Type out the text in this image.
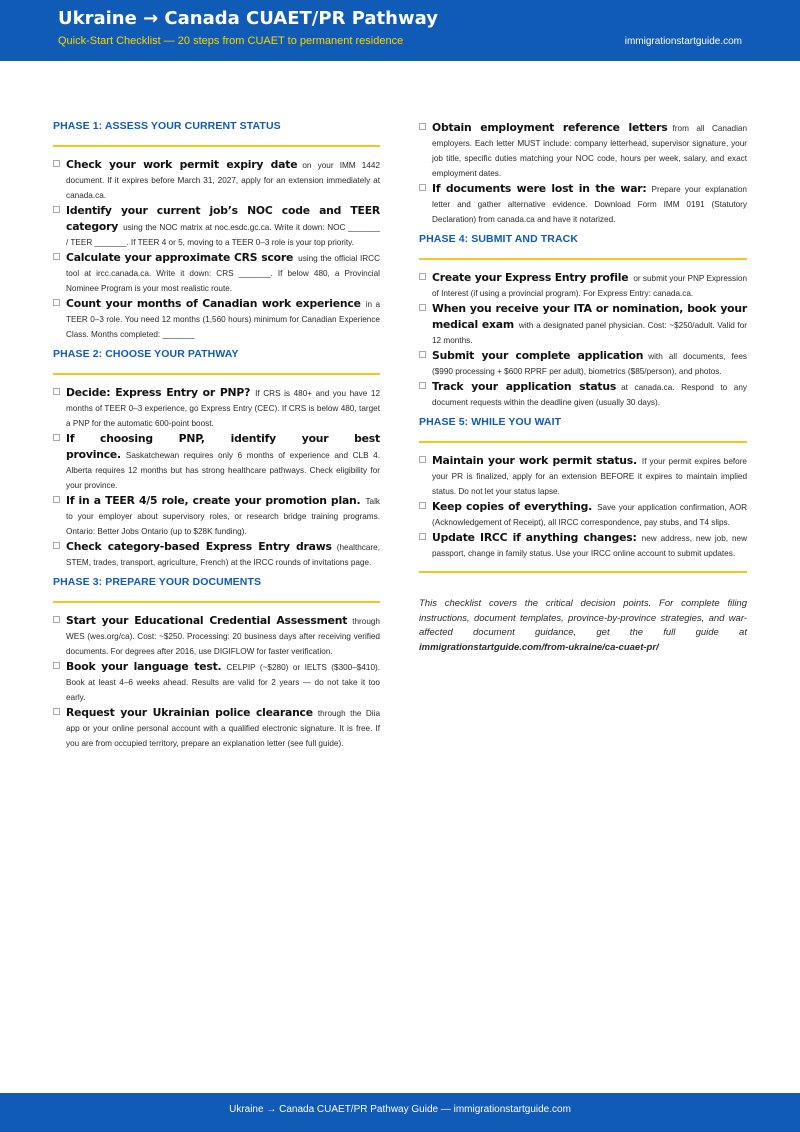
Ukraine → Canada CUAET/PR Pathway
Quick-Start Checklist — 20 steps from CUAET to permanent residence	immigrationstartguide.com
PHASE 1: ASSESS YOUR CURRENT STATUS
Check your work permit expiry date on your IMM 1442 document. If it expires before March 31, 2027, apply for an extension immediately at canada.ca.
Identify your current job’s NOC code and TEER category using the NOC matrix at noc.esdc.gc.ca. Write it down: NOC _______ / TEER _______. If TEER 4 or 5, moving to a TEER 0–3 role is your top priority.
Calculate your approximate CRS score using the official IRCC tool at ircc.canada.ca. Write it down: CRS _______. If below 480, a Provincial Nominee Program is your most realistic route.
Count your months of Canadian work experience in a TEER 0–3 role. You need 12 months (1,560 hours) minimum for Canadian Experience Class. Months completed: _______
PHASE 2: CHOOSE YOUR PATHWAY
Decide: Express Entry or PNP? If CRS is 480+ and you have 12 months of TEER 0–3 experience, go Express Entry (CEC). If CRS is below 480, target a PNP for the automatic 600-point boost.
If choosing PNP, identify your best province. Saskatchewan requires only 6 months of experience and CLB 4. Alberta requires 12 months but has strong healthcare pathways. Check eligibility for your province.
If in a TEER 4/5 role, create your promotion plan. Talk to your employer about supervisory roles, or research bridge training programs. Ontario: Better Jobs Ontario (up to $28K funding).
Check category-based Express Entry draws (healthcare, STEM, trades, transport, agriculture, French) at the IRCC rounds of invitations page.
PHASE 3: PREPARE YOUR DOCUMENTS
Start your Educational Credential Assessment through WES (wes.org/ca). Cost: ~$250. Processing: 20 business days after receiving verified documents. For degrees after 2016, use DIGIFLOW for faster verification.
Book your language test. CELPIP (~$280) or IELTS ($300–$410). Book at least 4–6 weeks ahead. Results are valid for 2 years — do not take it too early.
Request your Ukrainian police clearance through the Diia app or your online personal account with a qualified electronic signature. It is free. If you are from occupied territory, prepare an explanation letter (see full guide).
Obtain employment reference letters from all Canadian employers. Each letter MUST include: company letterhead, supervisor signature, your job title, specific duties matching your NOC code, hours per week, salary, and exact employment dates.
If documents were lost in the war: Prepare your explanation letter and gather alternative evidence. Download Form IMM 0191 (Statutory Declaration) from canada.ca and have it notarized.
PHASE 4: SUBMIT AND TRACK
Create your Express Entry profile or submit your PNP Expression of Interest (if using a provincial program). For Express Entry: canada.ca.
When you receive your ITA or nomination, book your medical exam with a designated panel physician. Cost: ~$250/adult. Valid for 12 months.
Submit your complete application with all documents, fees ($990 processing + $600 RPRF per adult), biometrics ($85/person), and photos.
Track your application status at canada.ca. Respond to any document requests within the deadline given (usually 30 days).
PHASE 5: WHILE YOU WAIT
Maintain your work permit status. If your permit expires before your PR is finalized, apply for an extension BEFORE it expires to maintain implied status. Do not let your status lapse.
Keep copies of everything. Save your application confirmation, AOR (Acknowledgement of Receipt), all IRCC correspondence, pay stubs, and T4 slips.
Update IRCC if anything changes: new address, new job, new passport, change in family status. Use your IRCC online account to submit updates.
This checklist covers the critical decision points. For complete filing instructions, document templates, province-by-province strategies, and war-affected document guidance, get the full guide at immigrationstartguide.com/from-ukraine/ca-cuaet-pr/
Ukraine → Canada CUAET/PR Pathway Guide — immigrationstartguide.com
